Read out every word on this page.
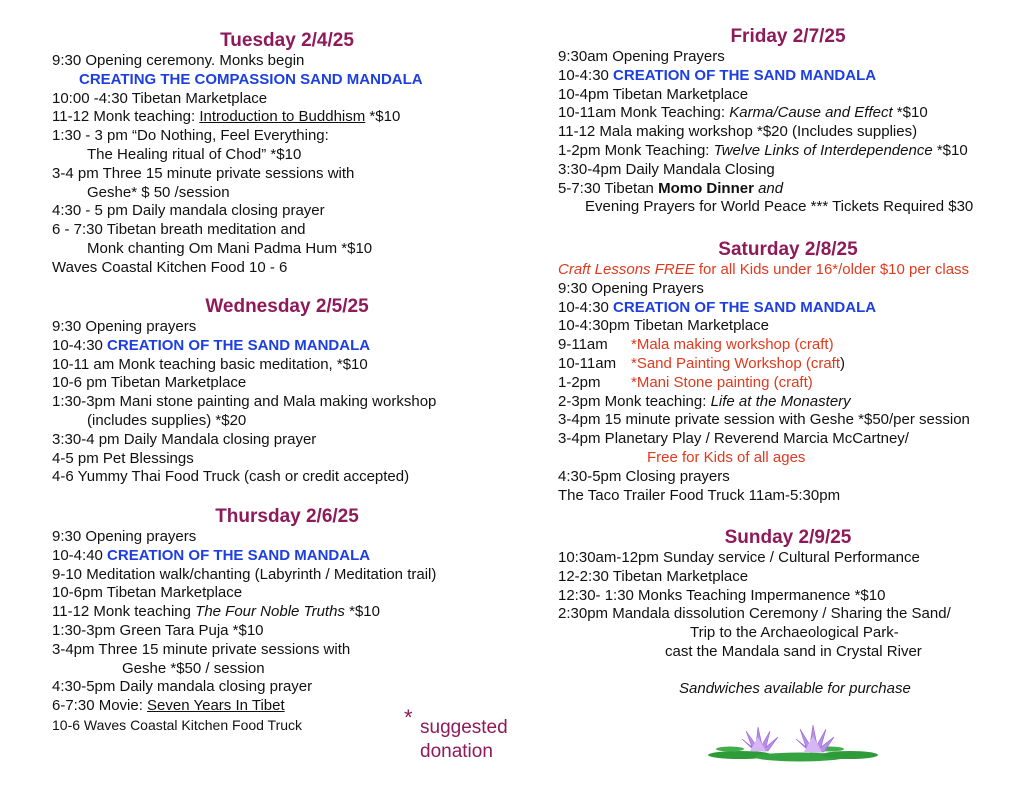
Tuesday 2/4/25
9:30 Opening ceremony. Monks begin
CREATING THE COMPASSION SAND MANDALA
10:00 -4:30 Tibetan Marketplace
11-12 Monk teaching: Introduction to Buddhism *$10
1:30 - 3 pm “Do Nothing, Feel Everything:
The Healing ritual of Chod” *$10
3-4 pm Three 15 minute private sessions with
Geshe* $ 50 /session
4:30 - 5 pm Daily mandala closing prayer
6 - 7:30 Tibetan breath meditation and
Monk chanting Om Mani Padma Hum *$10
Waves Coastal Kitchen Food 10 - 6
Wednesday 2/5/25
9:30 Opening prayers
10-4:30 CREATION OF THE SAND MANDALA
10-11 am Monk teaching basic meditation, *$10
10-6 pm Tibetan Marketplace
1:30-3pm Mani stone painting and Mala making workshop
(includes supplies) *$20
3:30-4 pm Daily Mandala closing prayer
4-5 pm Pet Blessings
4-6 Yummy Thai Food Truck (cash or credit accepted)
Thursday 2/6/25
9:30 Opening prayers
10-4:40 CREATION OF THE SAND MANDALA
9-10 Meditation walk/chanting (Labyrinth / Meditation trail)
10-6pm Tibetan Marketplace
11-12 Monk teaching The Four Noble Truths *$10
1:30-3pm Green Tara Puja *$10
3-4pm Three 15 minute private sessions with
Geshe *$50 / session
4:30-5pm Daily mandala closing prayer
6-7:30 Movie: Seven Years In Tibet
10-6 Waves Coastal Kitchen Food Truck	* suggested
donation
Friday 2/7/25
9:30am Opening Prayers
10-4:30 CREATION OF THE SAND MANDALA
10-4pm Tibetan Marketplace
10-11am Monk Teaching: Karma/Cause and Effect *$10
11-12 Mala making workshop *$20 (Includes supplies)
1-2pm Monk Teaching: Twelve Links of Interdependence *$10
3:30-4pm Daily Mandala Closing
5-7:30 Tibetan Momo Dinner and
Evening Prayers for World Peace *** Tickets Required $30
Saturday 2/8/25
Craft Lessons FREE for all Kids under 16*/older $10 per class
9:30 Opening Prayers
10-4:30 CREATION OF THE SAND MANDALA
10-4:30pm Tibetan Marketplace
9-11am *Mala making workshop (craft)
10-11am *Sand Painting Workshop (craft)
1-2pm *Mani Stone painting (craft)
2-3pm Monk teaching: Life at the Monastery
3-4pm 15 minute private session with Geshe *$50/per session
3-4pm Planetary Play / Reverend Marcia McCartney/
Free for Kids of all ages
4:30-5pm Closing prayers
The Taco Trailer Food Truck 11am-5:30pm
Sunday 2/9/25
10:30am-12pm Sunday service / Cultural Performance
12-2:30 Tibetan Marketplace
12:30- 1:30 Monks Teaching Impermanence *$10
2:30pm Mandala dissolution Ceremony / Sharing the Sand/
Trip to the Archaeological Park-
cast the Mandala sand in Crystal River
Sandwiches available for purchase
